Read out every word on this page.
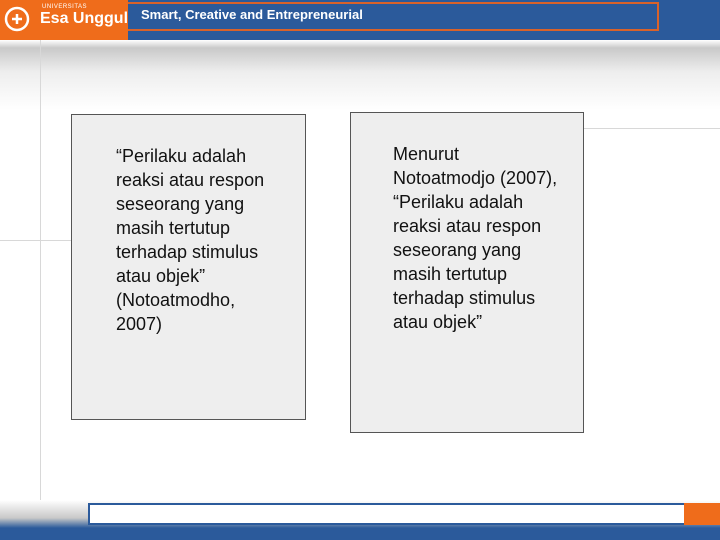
UNIVERSITAS
Esa Unggul Smart, Creative and Entrepreneurial
“Perilaku adalah
reaksi atau respon
seseorang yang
masih tertutup
terhadap stimulus
atau objek”
(Notoatmodho,
2007)
Menurut
Notoatmodjo (2007),
“Perilaku adalah
reaksi atau respon
seseorang yang
masih tertutup
terhadap stimulus
atau objek”
